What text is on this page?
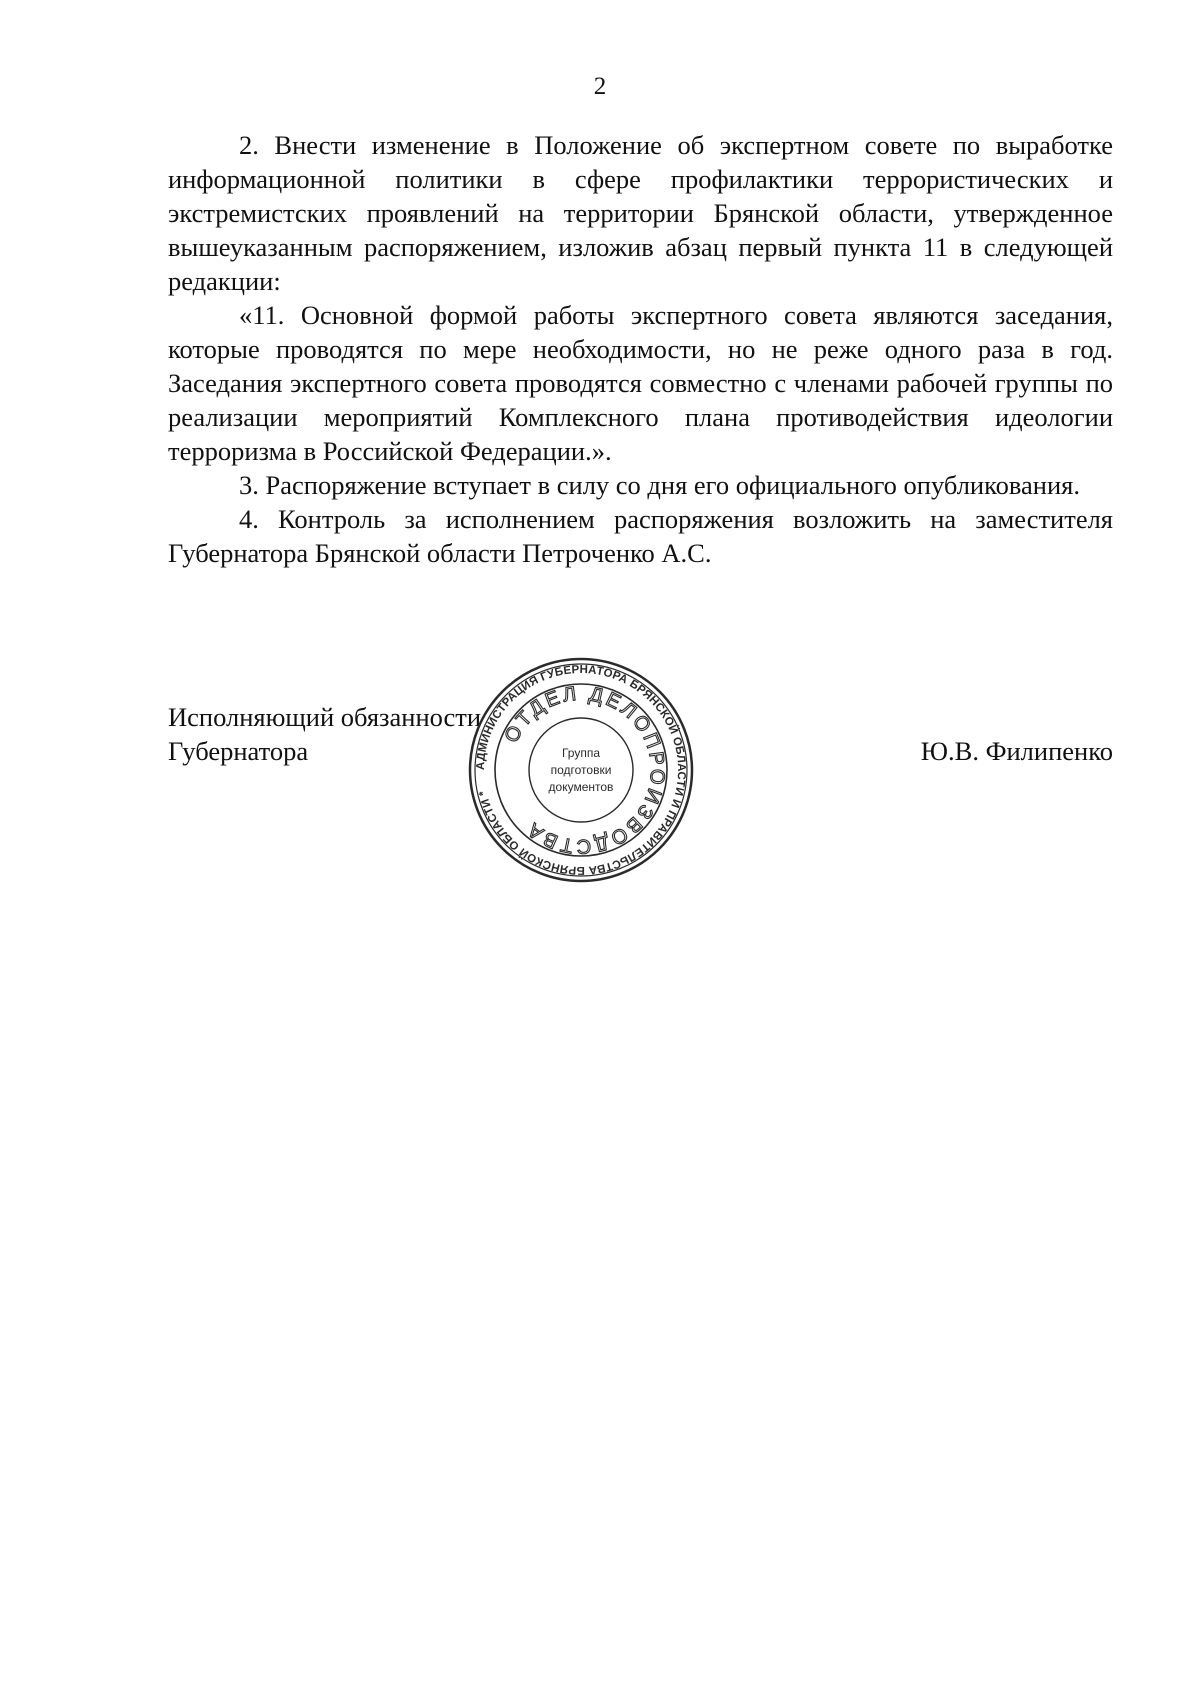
2

2. Внести изменение в Положение об экспертном совете по выработке информационной политики в сфере профилактики террористических и экстремистских проявлений на территории Брянской области, утвержденное вышеуказанным распоряжением, изложив абзац первый пункта 11 в следующей редакции:

«11. Основной формой работы экспертного совета являются заседания, которые проводятся по мере необходимости, но не реже одного раза в год. Заседания экспертного совета проводятся совместно с членами рабочей группы по реализации мероприятий Комплексного плана противодействия идеологии терроризма в Российской Федерации.».

3. Распоряжение вступает в силу со дня его официального опубликования.

4. Контроль за исполнением распоряжения возложить на заместителя Губернатора Брянской области Петроченко А.С.

Исполняющий обязанности
Губернатора	Ю.В. Филипенко
АДМИНИСТРАЦИЯ ГУБЕРНАТОРА БРЯНСКОЙ ОБЛАСТИ И ПРАВИТЕЛЬСТВА БРЯНСКОЙ ОБЛАСТИ *
ОТДЕЛ ДЕЛОПРОИЗВОДСТВА
Группа
подготовки
документов
